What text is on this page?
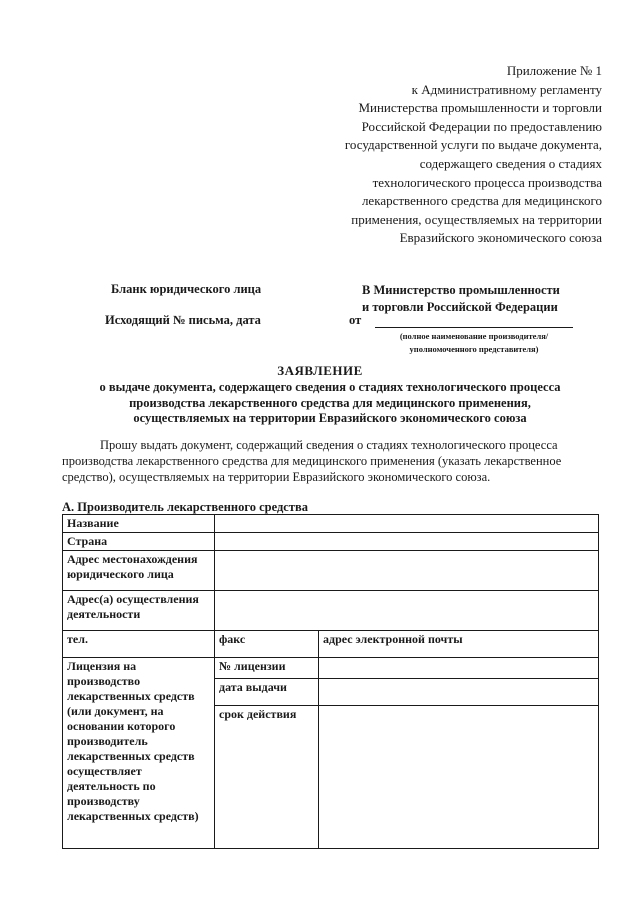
Приложение № 1
к Административному регламенту
Министерства промышленности и торговли
Российской Федерации по предоставлению
государственной услуги по выдаче документа,
содержащего сведения о стадиях
технологического процесса производства
лекарственного средства для медицинского
применения, осуществляемых на территории
Евразийского экономического союза
Бланк юридического лица
Исходящий № письма, дата
В Министерство промышленности
и торговли Российской Федерации
от
(полное наименование производителя/
уполномоченного представителя)
ЗАЯВЛЕНИЕ
о выдаче документа, содержащего сведения о стадиях технологического процесса
производства лекарственного средства для медицинского применения,
осуществляемых на территории Евразийского экономического союза
Прошу выдать документ, содержащий сведения о стадиях технологического процесса
производства лекарственного средства для медицинского применения (указать лекарственное
средство), осуществляемых на территории Евразийского экономического союза.
А. Производитель лекарственного средства
Название		
Страна		
Адрес местонахождения юридического лица		
Адрес(а) осуществления деятельности		
тел.	факс	адрес электронной почты
Лицензия на производство лекарственных средств (или документ, на основании которого производитель лекарственных средств осуществляет деятельность по производству лекарственных средств)	№ лицензии	
	дата выдачи	
	срок действия	
